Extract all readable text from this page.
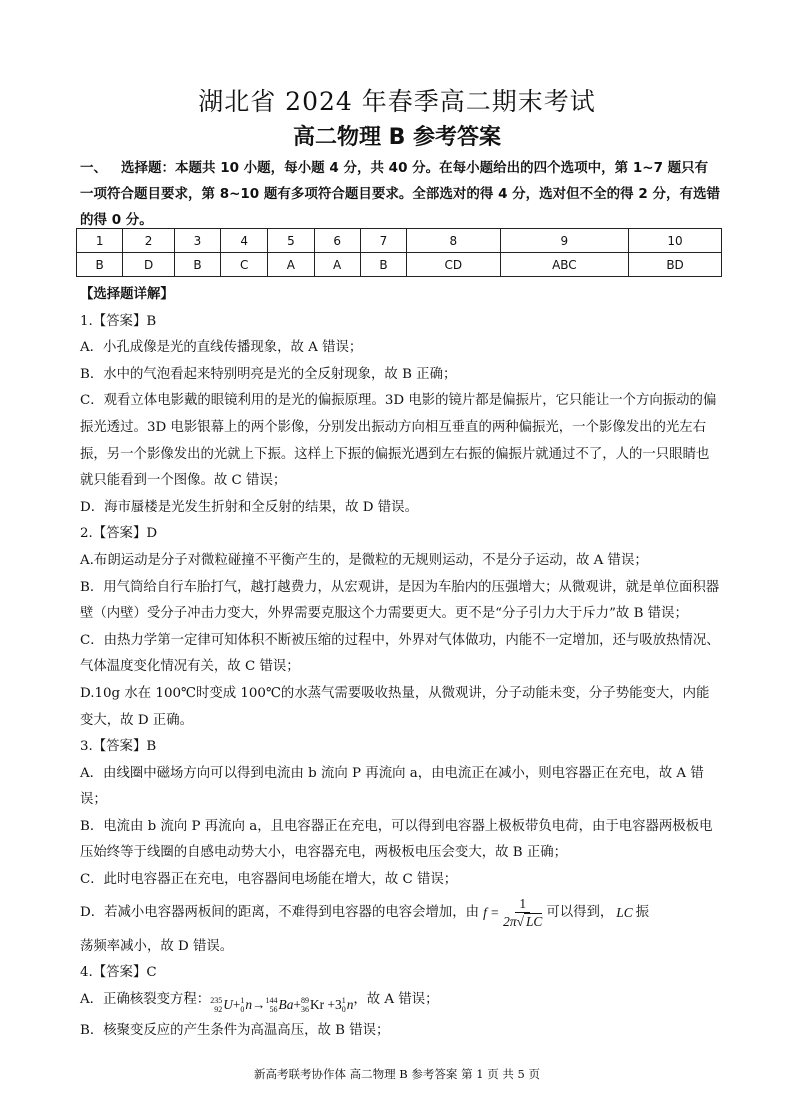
湖北省 2024 年春季高二期末考试
高二物理 B 参考答案
一、 选择题：本题共 10 小题，每小题 4 分，共 40 分。在每小题给出的四个选项中，第 1~7 题只有一项符合题目要求，第 8~10 题有多项符合题目要求。全部选对的得 4 分，选对但不全的得 2 分，有选错的得 0 分。
1	2	3	4	5	6	7	8	9	10
B	D	B	C	A	A	B	CD	ABC	BD

【选择题详解】

1.【答案】B

A．小孔成像是光的直线传播现象，故 A 错误；

B．水中的气泡看起来特别明亮是光的全反射现象，故 B 正确；

C．观看立体电影戴的眼镜利用的是光的偏振原理。3D 电影的镜片都是偏振片，它只能让一个方向振动的偏振光透过。3D 电影银幕上的两个影像，分别发出振动方向相互垂直的两种偏振光，一个影像发出的光左右振，另一个影像发出的光就上下振。这样上下振的偏振光遇到左右振的偏振片就通过不了，人的一只眼睛也就只能看到一个图像。故 C 错误；

D．海市蜃楼是光发生折射和全反射的结果，故 D 错误。

2.【答案】D

A.布朗运动是分子对微粒碰撞不平衡产生的，是微粒的无规则运动，不是分子运动，故 A 错误；

B．用气筒给自行车胎打气，越打越费力，从宏观讲，是因为车胎内的压强增大；从微观讲，就是单位面积器壁（内壁）受分子冲击力变大，外界需要克服这个力需要更大。更不是“分子引力大于斥力”故 B 错误；

C．由热力学第一定律可知体积不断被压缩的过程中，外界对气体做功，内能不一定增加，还与吸放热情况、气体温度变化情况有关，故 C 错误；

D.10g 水在 100℃时变成 100℃的水蒸气需要吸收热量，从微观讲，分子动能未变，分子势能变大，内能变大，故 D 正确。

3.【答案】B

A．由线圈中磁场方向可以得到电流由 b 流向 P 再流向 a，由电流正在减小，则电容器正在充电，故 A 错误；

B．电流由 b 流向 P 再流向 a，且电容器正在充电，可以得到电容器上极板带负电荷，由于电容器两极板电压始终等于线圈的自感电动势大小，电容器充电，两极板电压会变大，故 B 正确；

C．此时电容器正在充电，电容器间电场能在增大，故 C 错误；

D．若减小电容器两板间的距离，不难得到电容器的电容会增加，由 $f = \frac{1}{2\pi√ LC}$ 可以得到， LC 振

荡频率减小，故 D 错误。

4.【答案】C

A．正确核裂变方程： 235
92 U + 1
0 n → 144
56 Ba + 89
36 Kr +3 1
0 n ，故 A 错误；

B．核聚变反应的产生条件为高温高压，故 B 错误；

新高考联考协作体 高二物理 B 参考答案 第 1 页 共 5 页
